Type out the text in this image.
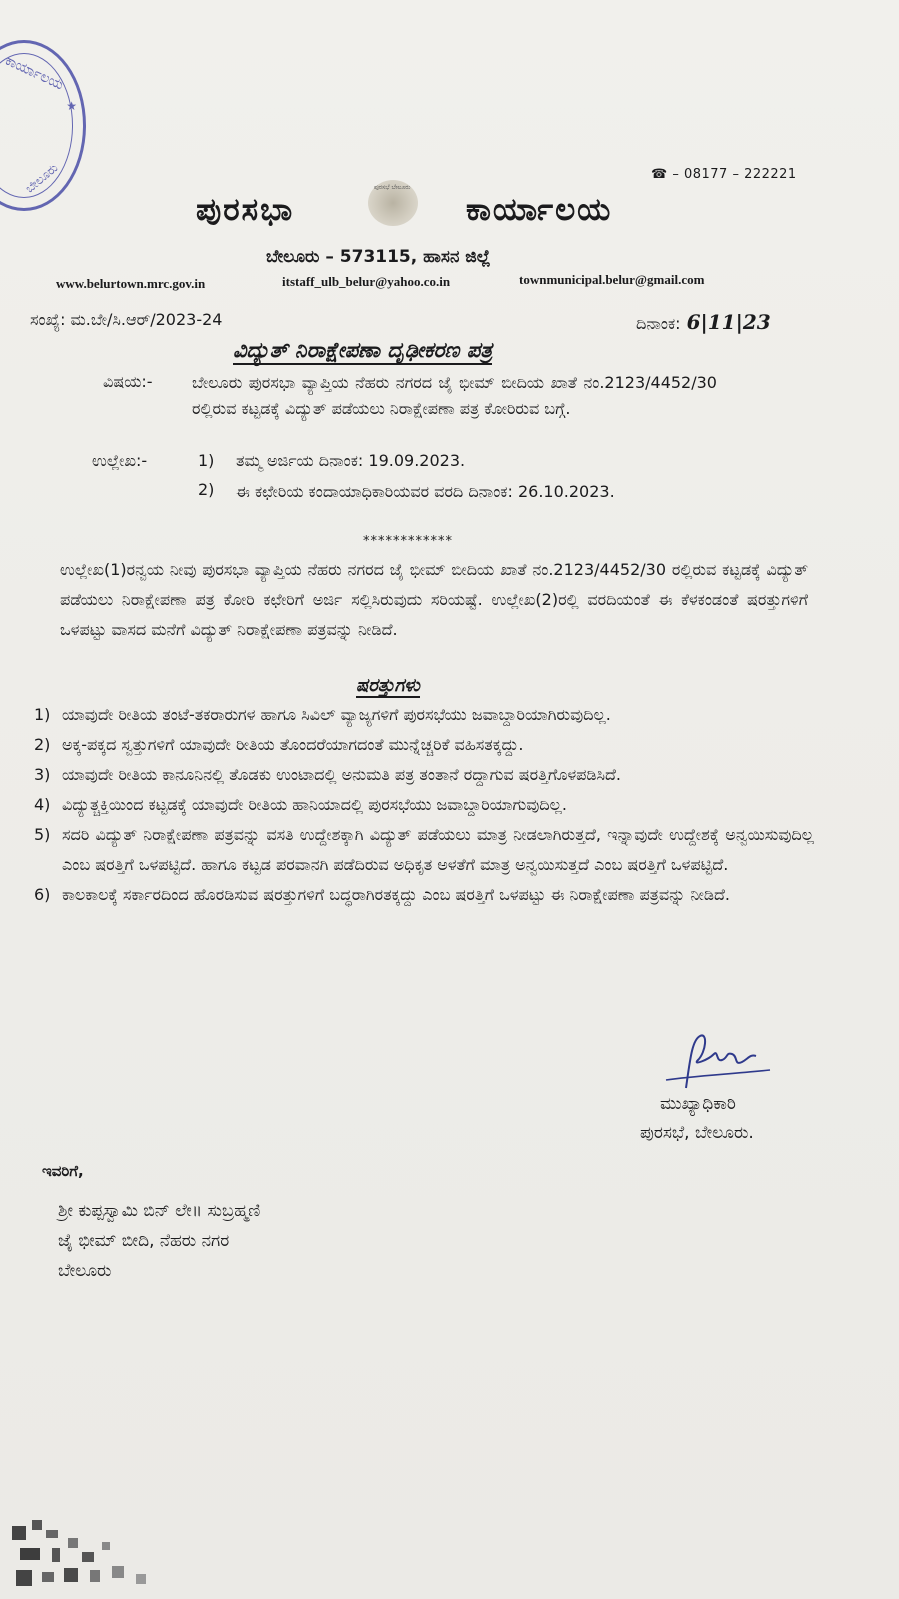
ಕಾರ್ಯಾಲಯ
★
ಬೇಲೂರು	☎ – 08177 – 222221
ಪುರಸಭಾ
ಪುರಸಭೆ ಬೇಲೂರು
ಕಾರ್ಯಾಲಯ
ಬೇಲೂರು – 573115, ಹಾಸನ ಜಿಲ್ಲೆ
www.belurtown.mrc.gov.in	itstaff_ulb_belur@yahoo.co.in	townmunicipal.belur@gmail.com
ಸಂಖ್ಯೆ: ಮ.ಬೇ/ಸಿ.ಆರ್/2023-24	ದಿನಾಂಕ: 6|11|23
ವಿದ್ಯುತ್ ನಿರಾಕ್ಷೇಪಣಾ ದೃಢೀಕರಣ ಪತ್ರ
ವಿಷಯ:- ಬೇಲೂರು ಪುರಸಭಾ ವ್ಯಾಪ್ತಿಯ ನೆಹರು ನಗರದ ಜೈ ಭೀಮ್ ಬೀದಿಯ ಖಾತೆ ನಂ.2123/4452/30 ರಲ್ಲಿರುವ ಕಟ್ಟಡಕ್ಕೆ ವಿದ್ಯುತ್ ಪಡೆಯಲು ನಿರಾಕ್ಷೇಪಣಾ ಪತ್ರ ಕೋರಿರುವ ಬಗ್ಗೆ.
ಉಲ್ಲೇಖ:-	1) ತಮ್ಮ ಅರ್ಜಿಯ ದಿನಾಂಕ: 19.09.2023.
2) ಈ ಕಛೇರಿಯ ಕಂದಾಯಾಧಿಕಾರಿಯವರ ವರದಿ ದಿನಾಂಕ: 26.10.2023.
************
ಉಲ್ಲೇಖ(1)ರನ್ವಯ ನೀವು ಪುರಸಭಾ ವ್ಯಾಪ್ತಿಯ ನೆಹರು ನಗರದ ಜೈ ಭೀಮ್ ಬೀದಿಯ ಖಾತೆ ನಂ.2123/4452/30 ರಲ್ಲಿರುವ ಕಟ್ಟಡಕ್ಕೆ ವಿದ್ಯುತ್ ಪಡೆಯಲು ನಿರಾಕ್ಷೇಪಣಾ ಪತ್ರ ಕೋರಿ ಕಛೇರಿಗೆ ಅರ್ಜಿ ಸಲ್ಲಿಸಿರುವುದು ಸರಿಯಷ್ಟೆ. ಉಲ್ಲೇಖ(2)ರಲ್ಲಿ ವರದಿಯಂತೆ ಈ ಕೆಳಕಂಡಂತೆ ಷರತ್ತುಗಳಿಗೆ ಒಳಪಟ್ಟು ವಾಸದ ಮನೆಗೆ ವಿದ್ಯುತ್ ನಿರಾಕ್ಷೇಪಣಾ ಪತ್ರವನ್ನು ನೀಡಿದೆ.
ಷರತ್ತುಗಳು
1) ಯಾವುದೇ ರೀತಿಯ ತಂಟೆ-ತಕರಾರುಗಳ ಹಾಗೂ ಸಿವಿಲ್ ವ್ಯಾಜ್ಯಗಳಿಗೆ ಪುರಸಭೆಯು ಜವಾಬ್ದಾರಿಯಾಗಿರುವುದಿಲ್ಲ.
2) ಅಕ್ಕ-ಪಕ್ಕದ ಸ್ವತ್ತುಗಳಿಗೆ ಯಾವುದೇ ರೀತಿಯ ತೊಂದರೆಯಾಗದಂತೆ ಮುನ್ನೆಚ್ಚರಿಕೆ ವಹಿಸತಕ್ಕದ್ದು.
3) ಯಾವುದೇ ರೀತಿಯ ಕಾನೂನಿನಲ್ಲಿ ತೊಡಕು ಉಂಟಾದಲ್ಲಿ ಅನುಮತಿ ಪತ್ರ ತಂತಾನೆ ರದ್ದಾಗುವ ಷರತ್ತಿಗೊಳಪಡಿಸಿದೆ.
4) ವಿದ್ಯುತ್ಚಕ್ತಿಯಿಂದ ಕಟ್ಟಡಕ್ಕೆ ಯಾವುದೇ ರೀತಿಯ ಹಾನಿಯಾದಲ್ಲಿ ಪುರಸಭೆಯು ಜವಾಬ್ದಾರಿಯಾಗುವುದಿಲ್ಲ.
5) ಸದರಿ ವಿದ್ಯುತ್ ನಿರಾಕ್ಷೇಪಣಾ ಪತ್ರವನ್ನು ವಸತಿ ಉದ್ದೇಶಕ್ಕಾಗಿ ವಿದ್ಯುತ್ ಪಡೆಯಲು ಮಾತ್ರ ನೀಡಲಾಗಿರುತ್ತದೆ, ಇನ್ನಾವುದೇ ಉದ್ದೇಶಕ್ಕೆ ಅನ್ವಯಿಸುವುದಿಲ್ಲ ಎಂಬ ಷರತ್ತಿಗೆ ಒಳಪಟ್ಟಿದೆ. ಹಾಗೂ ಕಟ್ಟಡ ಪರವಾನಗಿ ಪಡೆದಿರುವ ಅಧಿಕೃತ ಅಳತೆಗೆ ಮಾತ್ರ ಅನ್ವಯಿಸುತ್ತದೆ ಎಂಬ ಷರತ್ತಿಗೆ ಒಳಪಟ್ಟಿದೆ.
6) ಕಾಲಕಾಲಕ್ಕೆ ಸರ್ಕಾರದಿಂದ ಹೊರಡಿಸುವ ಷರತ್ತುಗಳಿಗೆ ಬದ್ಧರಾಗಿರತಕ್ಕದ್ದು ಎಂಬ ಷರತ್ತಿಗೆ ಒಳಪಟ್ಟು ಈ ನಿರಾಕ್ಷೇಪಣಾ ಪತ್ರವನ್ನು ನೀಡಿದೆ.
ಮುಖ್ಯಾಧಿಕಾರಿ
ಪುರಸಭೆ, ಬೇಲೂರು.
ಇವರಿಗೆ,
ಶ್ರೀ ಕುಪ್ಪಸ್ವಾಮಿ ಬಿನ್ ಲೇ॥ ಸುಬ್ರಹ್ಮಣಿ
ಜೈ ಭೀಮ್ ಬೀದಿ, ನೆಹರು ನಗರ
ಬೇಲೂರು
